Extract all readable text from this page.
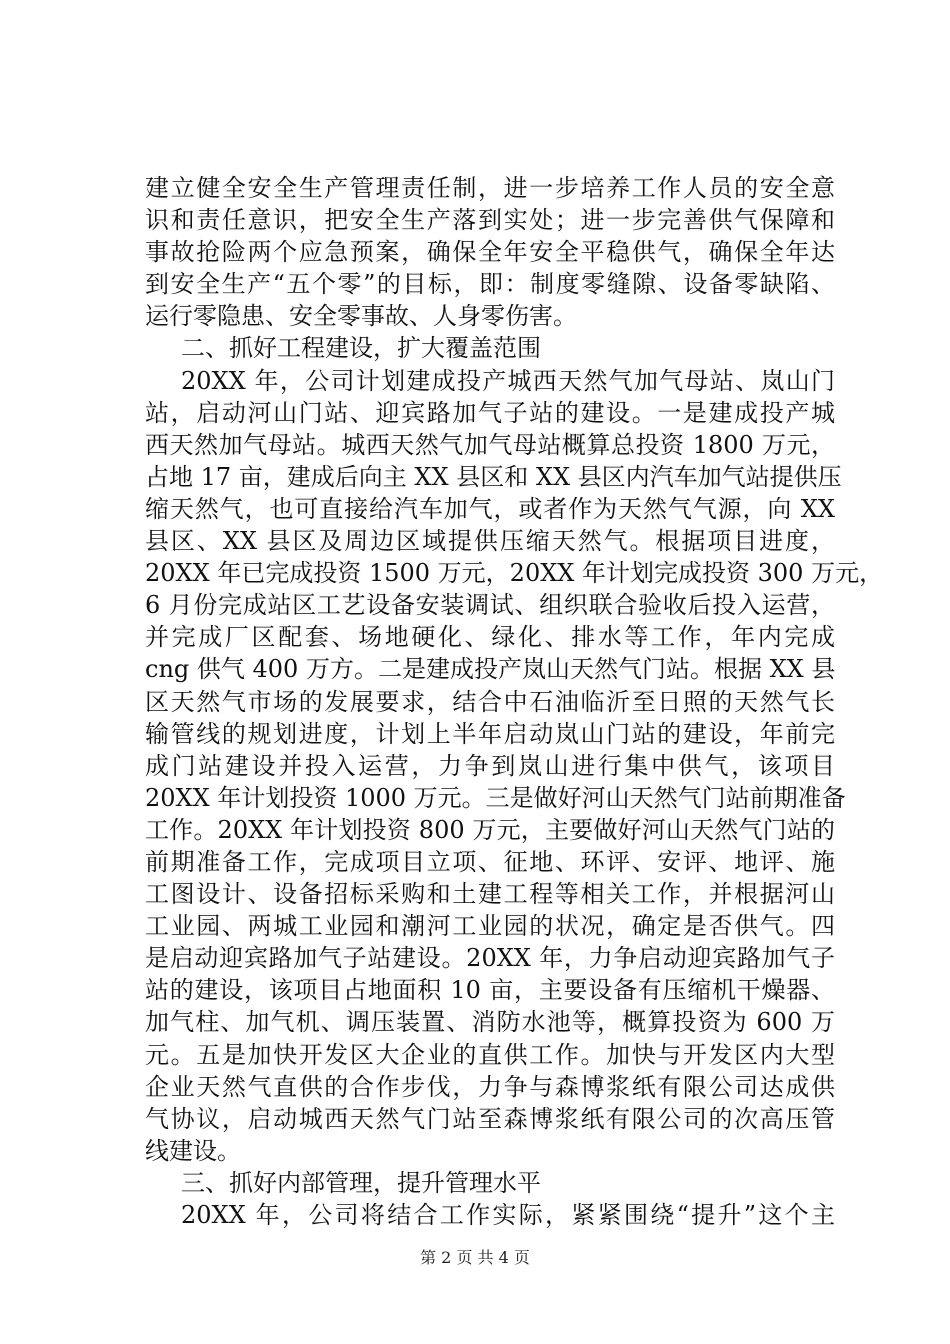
建立健全安全生产管理责任制，进一步培养工作人员的安全意
识和责任意识，把安全生产落到实处；进一步完善供气保障和
事故抢险两个应急预案，确保全年安全平稳供气，确保全年达
到安全生产“五个零”的目标，即：制度零缝隙、设备零缺陷、
运行零隐患、安全零事故、人身零伤害。
二、抓好工程建设，扩大覆盖范围
20XX 年，公司计划建成投产城西天然气加气母站、岚山门
站，启动河山门站、迎宾路加气子站的建设。一是建成投产城
西天然加气母站。城西天然气加气母站概算总投资 1800 万元，
占地 17 亩，建成后向主 XX 县区和 XX 县区内汽车加气站提供压
缩天然气，也可直接给汽车加气，或者作为天然气气源，向 XX
县区、XX 县区及周边区域提供压缩天然气。根据项目进度，
20XX 年已完成投资 1500 万元，20XX 年计划完成投资 300 万元，
6 月份完成站区工艺设备安装调试、组织联合验收后投入运营，
并完成厂区配套、场地硬化、绿化、排水等工作，年内完成
cng 供气 400 万方。二是建成投产岚山天然气门站。根据 XX 县
区天然气市场的发展要求，结合中石油临沂至日照的天然气长
输管线的规划进度，计划上半年启动岚山门站的建设，年前完
成门站建设并投入运营，力争到岚山进行集中供气，该项目
20XX 年计划投资 1000 万元。三是做好河山天然气门站前期准备
工作。20XX 年计划投资 800 万元，主要做好河山天然气门站的
前期准备工作，完成项目立项、征地、环评、安评、地评、施
工图设计、设备招标采购和土建工程等相关工作，并根据河山
工业园、两城工业园和潮河工业园的状况，确定是否供气。四
是启动迎宾路加气子站建设。20XX 年，力争启动迎宾路加气子
站的建设，该项目占地面积 10 亩，主要设备有压缩机干燥器、
加气柱、加气机、调压装置、消防水池等，概算投资为 600 万
元。五是加快开发区大企业的直供工作。加快与开发区内大型
企业天然气直供的合作步伐，力争与森博浆纸有限公司达成供
气协议，启动城西天然气门站至森博浆纸有限公司的次高压管
线建设。
三、抓好内部管理，提升管理水平
20XX 年，公司将结合工作实际，紧紧围绕“提升”这个主
第 2 页 共 4 页
